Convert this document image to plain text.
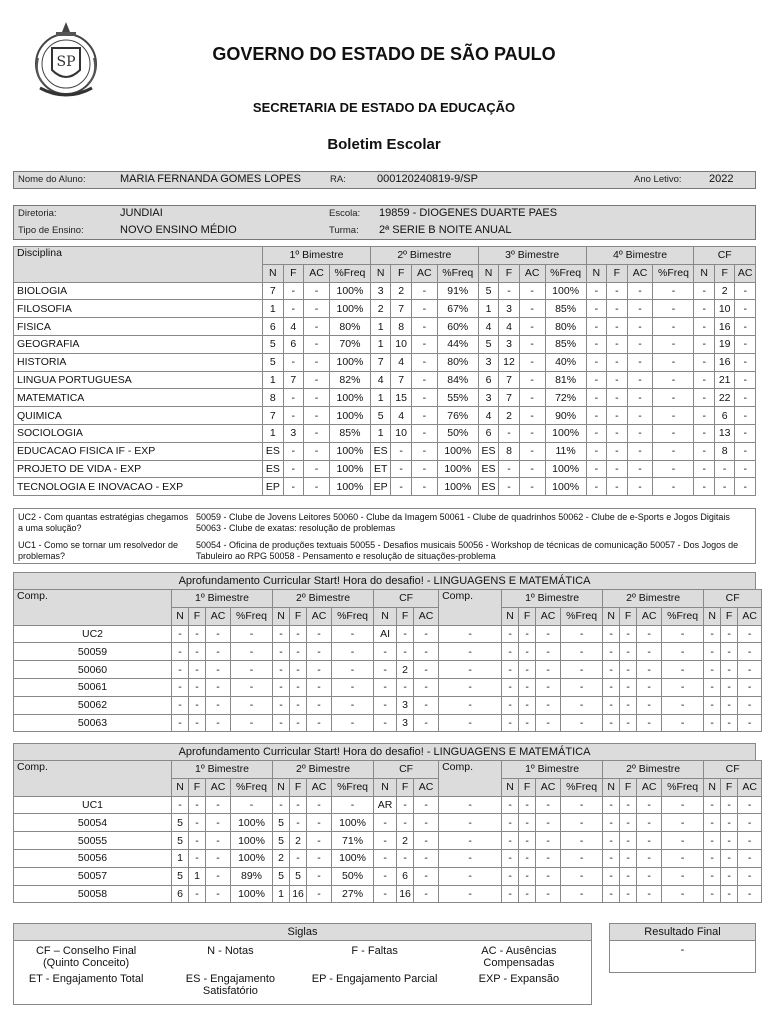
SP	GOVERNO DO ESTADO DE SÃO PAULO
SECRETARIA DE ESTADO DA EDUCAÇÃO
Boletim Escolar
Nome do Aluno:	MARIA FERNANDA GOMES LOPES	RA:	000120240819-9/SP	Ano Letivo: 2022
Diretoria:	JUNDIAI	Escola: 19859 - DIOGENES DUARTE PAES
Tipo de Ensino:	NOVO ENSINO MÉDIO	Turma: 2ª SERIE B NOITE ANUAL
Disciplina	1º Bimestre				2º Bimestre				3º Bimestre				4º Bimestre				CF		
	N	F	AC	%Freq	N	F	AC	%Freq	N	F	AC	%Freq	N	F	AC	%Freq	N	F	AC
BIOLOGIA	7	-	-	100%	3	2	-	91%	5	-	-	100%	-	-	-	-	-	2	-
FILOSOFIA	1	-	-	100%	2	7	-	67%	1	3	-	85%	-	-	-	-	-	10	-
FISICA	6	4	-	80%	1	8	-	60%	4	4	-	80%	-	-	-	-	-	16	-
GEOGRAFIA	5	6	-	70%	1	10	-	44%	5	3	-	85%	-	-	-	-	-	19	-
HISTORIA	5	-	-	100%	7	4	-	80%	3	12	-	40%	-	-	-	-	-	16	-
LINGUA PORTUGUESA	1	7	-	82%	4	7	-	84%	6	7	-	81%	-	-	-	-	-	21	-
MATEMATICA	8	-	-	100%	1	15	-	55%	3	7	-	72%	-	-	-	-	-	22	-
QUIMICA	7	-	-	100%	5	4	-	76%	4	2	-	90%	-	-	-	-	-	6	-
SOCIOLOGIA	1	3	-	85%	1	10	-	50%	6	-	-	100%	-	-	-	-	-	13	-
EDUCACAO FISICA IF - EXP	ES	-	-	100%	ES	-	-	100%	ES	8	-	11%	-	-	-	-	-	8	-
PROJETO DE VIDA - EXP	ES	-	-	100%	ET	-	-	100%	ES	-	-	100%	-	-	-	-	-	-	-
TECNOLOGIA E INOVACAO - EXP	EP	-	-	100%	EP	-	-	100%	ES	-	-	100%	-	-	-	-	-	-	-
UC2 - Com quantas estratégias chegamos a uma solução?
50059 - Clube de Jovens Leitores 50060 - Clube da Imagem 50061 - Clube de quadrinhos 50062 - Clube de e-Sports e Jogos Digitais 50063 - Clube de exatas: resolução de problemas
UC1 - Como se tornar um resolvedor de problemas?
50054 - Oficina de produções textuais 50055 - Desafios musicais 50056 - Workshop de técnicas de comunicação 50057 - Dos Jogos de Tabuleiro ao RPG 50058 - Pensamento e resolução de situações-problema
Aprofundamento Curricular Start! Hora do desafio! - LINGUAGENS E MATEMÁTICA
Comp.	1º Bimestre				2º Bimestre				CF			Comp.	1º Bimestre				2º Bimestre				CF		
	N	F	AC	%Freq	N	F	AC	%Freq	N	F	AC		N	F	AC	%Freq	N	F	AC	%Freq	N	F	AC
UC2	-	-	-	-	-	-	-	-	AI	-	-	-	-	-	-	-	-	-	-	-	-	-	-
50059	-	-	-	-	-	-	-	-	-	-	-	-	-	-	-	-	-	-	-	-	-	-	-
50060	-	-	-	-	-	-	-	-	-	2	-	-	-	-	-	-	-	-	-	-	-	-	-
50061	-	-	-	-	-	-	-	-	-	-	-	-	-	-	-	-	-	-	-	-	-	-	-
50062	-	-	-	-	-	-	-	-	-	3	-	-	-	-	-	-	-	-	-	-	-	-	-
50063	-	-	-	-	-	-	-	-	-	3	-	-	-	-	-	-	-	-	-	-	-	-	-
Aprofundamento Curricular Start! Hora do desafio! - LINGUAGENS E MATEMÁTICA
Comp.	1º Bimestre				2º Bimestre				CF			Comp.	1º Bimestre				2º Bimestre				CF		
	N	F	AC	%Freq	N	F	AC	%Freq	N	F	AC		N	F	AC	%Freq	N	F	AC	%Freq	N	F	AC
UC1	-	-	-	-	-	-	-	-	AR	-	-	-	-	-	-	-	-	-	-	-	-	-	-
50054	5	-	-	100%	5	-	-	100%	-	-	-	-	-	-	-	-	-	-	-	-	-	-	-
50055	5	-	-	100%	5	2	-	71%	-	2	-	-	-	-	-	-	-	-	-	-	-	-	-
50056	1	-	-	100%	2	-	-	100%	-	-	-	-	-	-	-	-	-	-	-	-	-	-	-
50057	5	1	-	89%	5	5	-	50%	-	6	-	-	-	-	-	-	-	-	-	-	-	-	-
50058	6	-	-	100%	1	16	-	27%	-	16	-	-	-	-	-	-	-	-	-	-	-	-	-
Siglas
CF – Conselho Final (Quinto Conceito)	N - Notas	F - Faltas	AC - Ausências Compensadas
ET - Engajamento Total	ES - Engajamento Satisfatório	EP - Engajamento Parcial	EXP - Expansão
Resultado Final
-
